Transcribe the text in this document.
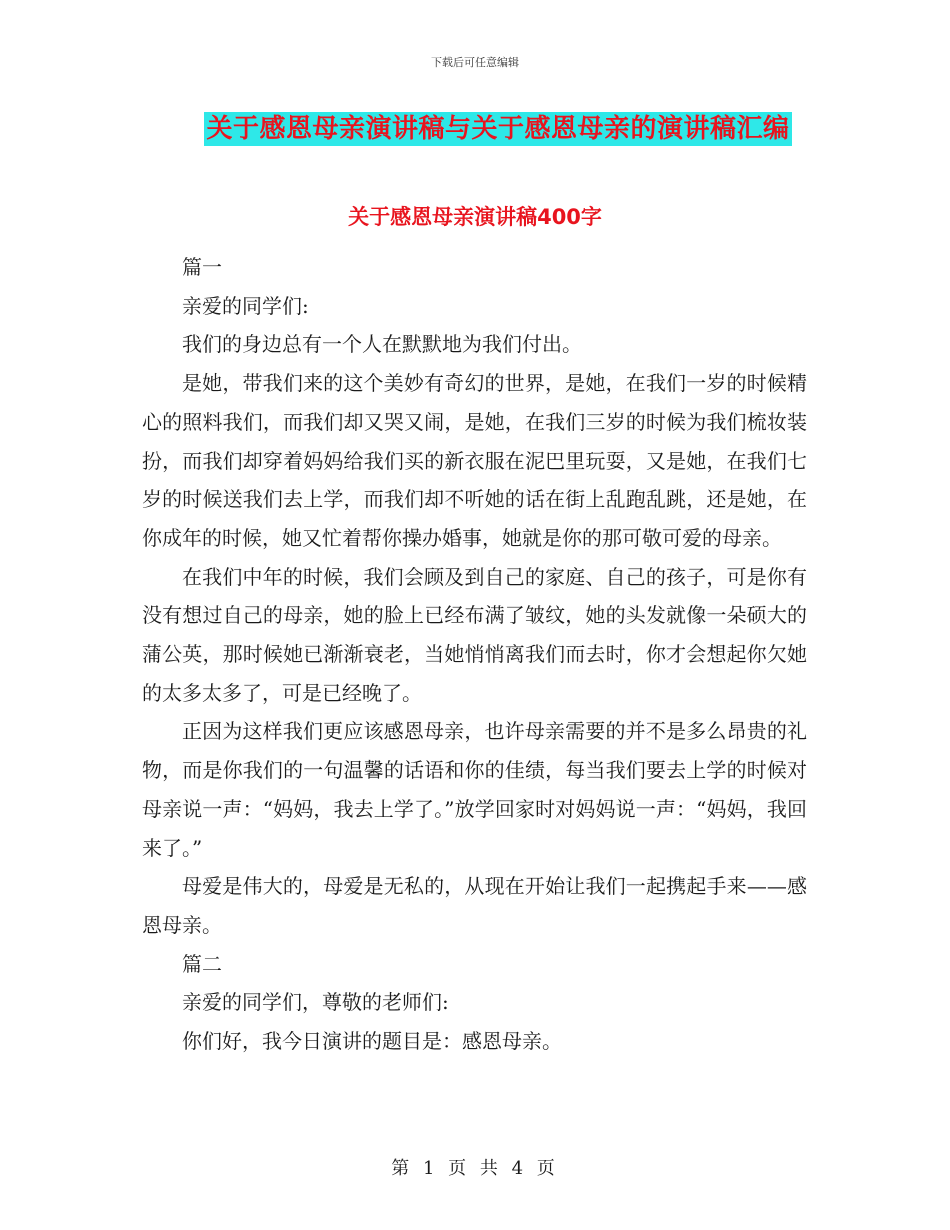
下载后可任意编辑
关于感恩母亲演讲稿与关于感恩母亲的演讲稿汇编
关于感恩母亲演讲稿400字

篇一

亲爱的同学们:

我们的身边总有一个人在默默地为我们付出。

是她，带我们来的这个美妙有奇幻的世界，是她，在我们一岁的时候精心的照料我们，而我们却又哭又闹，是她，在我们三岁的时候为我们梳妆装扮，而我们却穿着妈妈给我们买的新衣服在泥巴里玩耍，又是她，在我们七岁的时候送我们去上学，而我们却不听她的话在街上乱跑乱跳，还是她，在你成年的时候，她又忙着帮你操办婚事，她就是你的那可敬可爱的母亲。

在我们中年的时候，我们会顾及到自己的家庭、自己的孩子，可是你有没有想过自己的母亲，她的脸上已经布满了皱纹，她的头发就像一朵硕大的蒲公英，那时候她已渐渐衰老，当她悄悄离我们而去时，你才会想起你欠她的太多太多了，可是已经晚了。

正因为这样我们更应该感恩母亲，也许母亲需要的并不是多么昂贵的礼物，而是你我们的一句温馨的话语和你的佳绩，每当我们要去上学的时候对母亲说一声：“妈妈，我去上学了。”放学回家时对妈妈说一声：“妈妈，我回来了。”

母爱是伟大的，母爱是无私的，从现在开始让我们一起携起手来——感恩母亲。

篇二

亲爱的同学们，尊敬的老师们:

你们好，我今日演讲的题目是：感恩母亲。

第 1 页 共 4 页
